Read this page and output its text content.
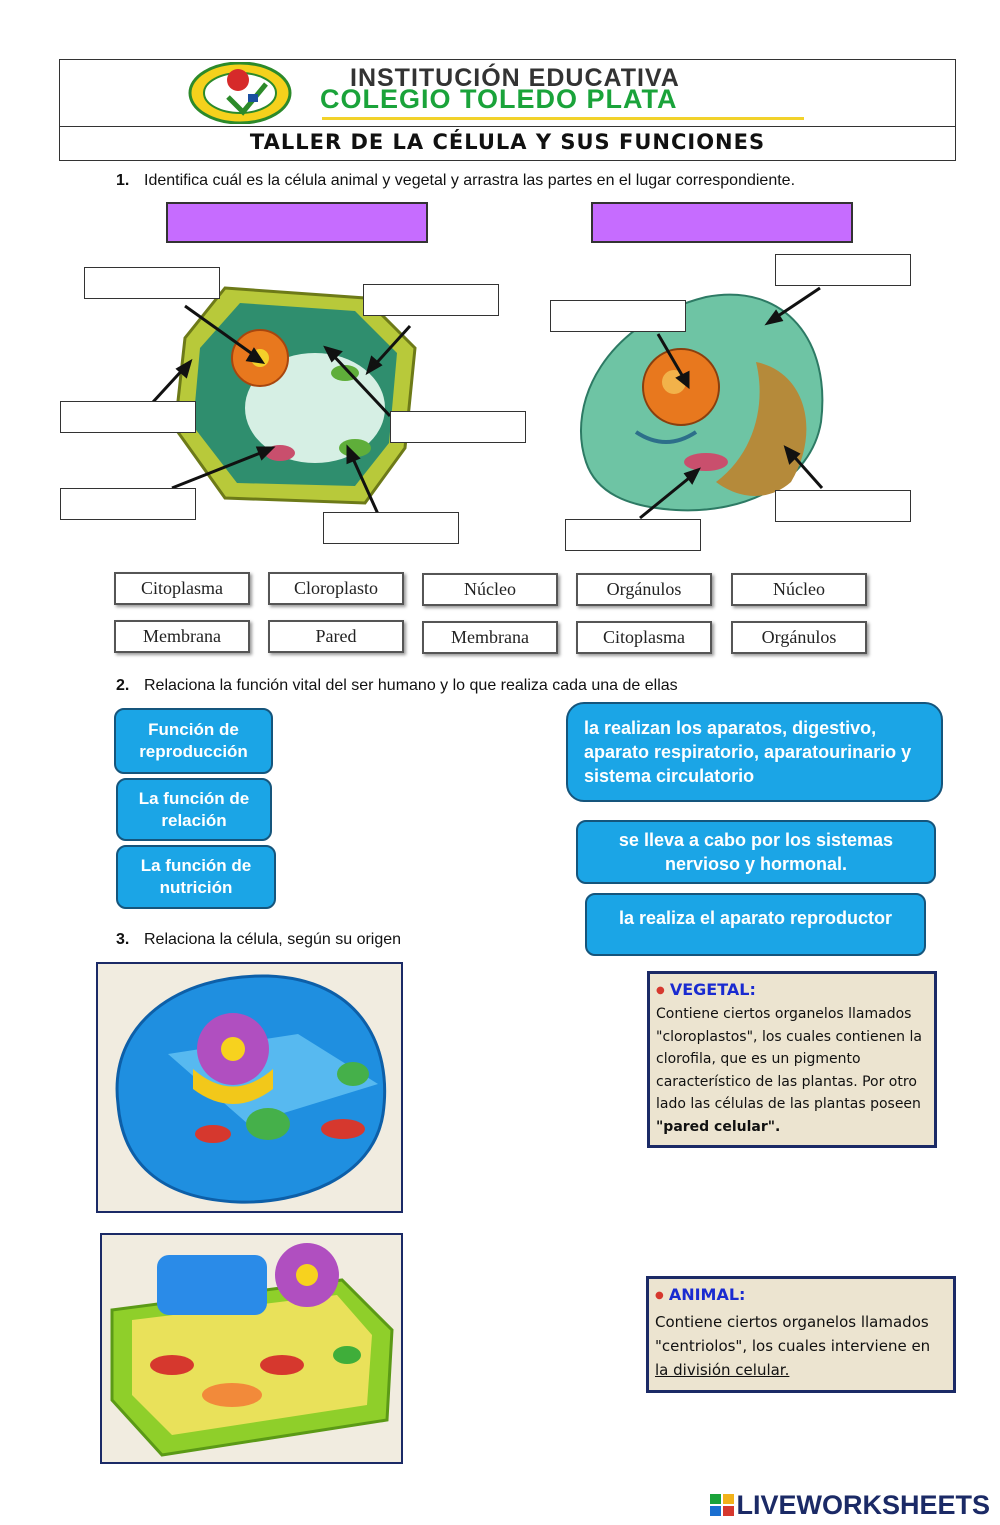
INSTITUCIÓN EDUCATIVA
COLEGIO TOLEDO PLATA
TALLER DE LA CÉLULA Y SUS FUNCIONES
1. Identifica cuál es la célula animal y vegetal y arrastra las partes en el lugar correspondiente.
Citoplasma	Cloroplasto	Núcleo	Orgánulos	Núcleo
Membrana	Pared	Membrana	Citoplasma	Orgánulos
2. Relaciona la función vital del ser humano y lo que realiza cada una de ellas
Función de reproducción
La función de relación
La función de nutrición
la realizan los aparatos, digestivo, aparato respiratorio, aparatourinario y sistema circulatorio
se lleva a cabo por los sistemas nervioso y hormonal.
la realiza el aparato reproductor
3. Relaciona la célula, según su origen
● VEGETAL:
Contiene ciertos organelos llamados
"cloroplastos", los cuales contienen la
clorofila, que es un pigmento
característico de las plantas. Por otro
lado las células de las plantas poseen
"pared celular".
● ANIMAL:
Contiene ciertos organelos llamados
"centriolos", los cuales interviene en
la división celular.
LIVEWORKSHEETS
